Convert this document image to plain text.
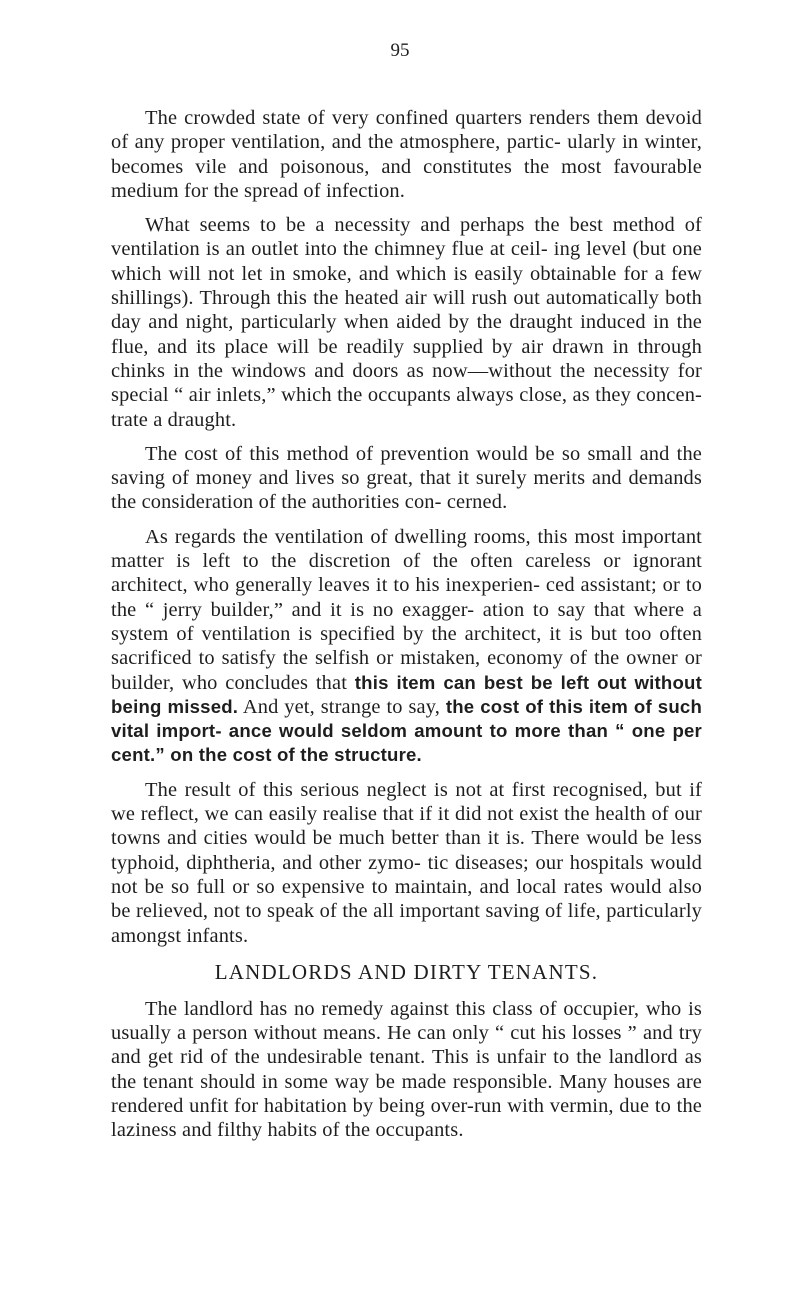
95

The crowded state of very confined quarters renders them devoid of any proper ventilation, and the atmosphere, partic- ularly in winter, becomes vile and poisonous, and constitutes the most favourable medium for the spread of infection.

What seems to be a necessity and perhaps the best method of ventilation is an outlet into the chimney flue at ceil- ing level (but one which will not let in smoke, and which is easily obtainable for a few shillings). Through this the heated air will rush out automatically both day and night, particularly when aided by the draught induced in the flue, and its place will be readily supplied by air drawn in through chinks in the windows and doors as now—without the necessity for special “ air inlets,” which the occupants always close, as they concen- trate a draught.

The cost of this method of prevention would be so small and the saving of money and lives so great, that it surely merits and demands the consideration of the authorities con- cerned.

As regards the ventilation of dwelling rooms, this most important matter is left to the discretion of the often careless or ignorant architect, who generally leaves it to his inexperien- ced assistant; or to the “ jerry builder,” and it is no exagger- ation to say that where a system of ventilation is specified by the architect, it is but too often sacrificed to satisfy the selfish or mistaken, economy of the owner or builder, who concludes that this item can best be left out without being missed. And yet, strange to say, the cost of this item of such vital import- ance would seldom amount to more than “ one per cent.” on the cost of the structure.

The result of this serious neglect is not at first recognised, but if we reflect, we can easily realise that if it did not exist the health of our towns and cities would be much better than it is. There would be less typhoid, diphtheria, and other zymo- tic diseases; our hospitals would not be so full or so expensive to maintain, and local rates would also be relieved, not to speak of the all important saving of life, particularly amongst infants.

LANDLORDS AND DIRTY TENANTS.

The landlord has no remedy against this class of occupier, who is usually a person without means. He can only “ cut his losses ” and try and get rid of the undesirable tenant. This is unfair to the landlord as the tenant should in some way be made responsible. Many houses are rendered unfit for habitation by being over-run with vermin, due to the laziness and filthy habits of the occupants.
